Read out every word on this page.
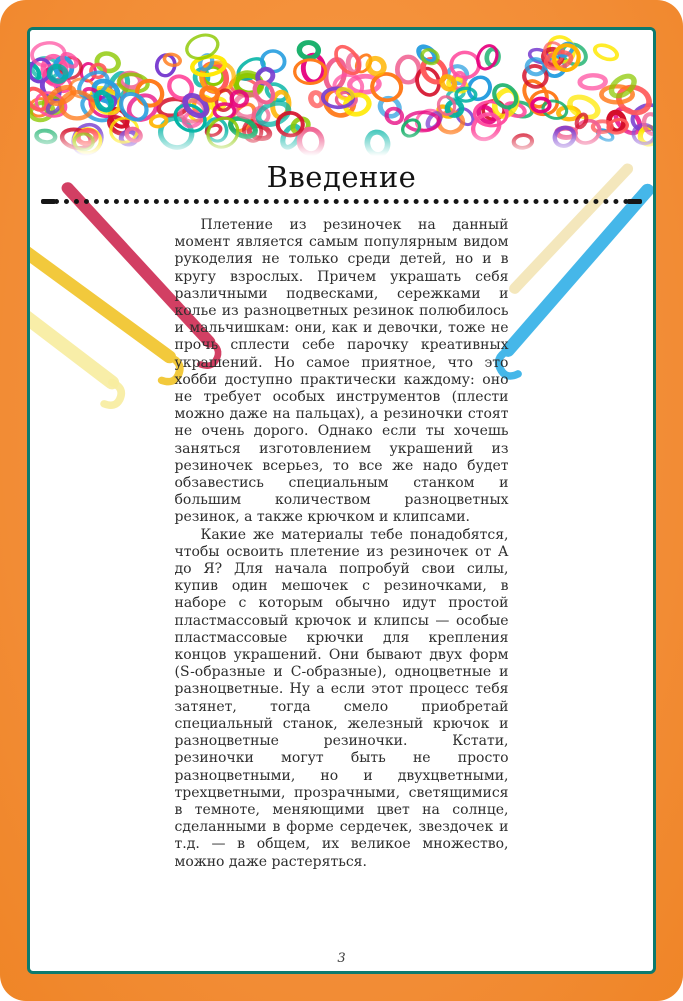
Введение

Плетение из резиночек на данный момент является самым популярным видом рукоделия не только среди детей, но и в кругу взрослых. Причем украшать себя различными подвесками, сережками и колье из разноцветных резинок полюбилось и мальчишкам: они, как и девочки, тоже не прочь сплести себе парочку креативных украшений. Но самое приятное, что это хобби доступно практически каждому: оно не требует особых инструментов (плести можно даже на пальцах), а резиночки стоят не очень дорого. Однако если ты хочешь заняться изготовлением украшений из резиночек всерьез, то все же надо будет обзавестись специальным станком и большим количеством разноцветных резинок, а также крючком и клипсами.

Какие же материалы тебе понадобятся, чтобы освоить плетение из резиночек от А до Я? Для начала попробуй свои силы, купив один мешочек с резиночками, в наборе с которым обычно идут простой пластмассовый крючок и клипсы — особые пластмассовые крючки для крепления концов украшений. Они бывают двух форм (S-образные и С-образные), одноцветные и разноцветные. Ну а если этот процесс тебя затянет, тогда смело приобретай специальный станок, железный крючок и разноцветные резиночки. Кстати, резиночки могут быть не просто разноцветными, но и двухцветными, трехцветными, прозрачными, светящимися в темноте, меняющими цвет на солнце, сделанными в форме сердечек, звездочек и т.д. — в общем, их великое множество, можно даже растеряться.

3
